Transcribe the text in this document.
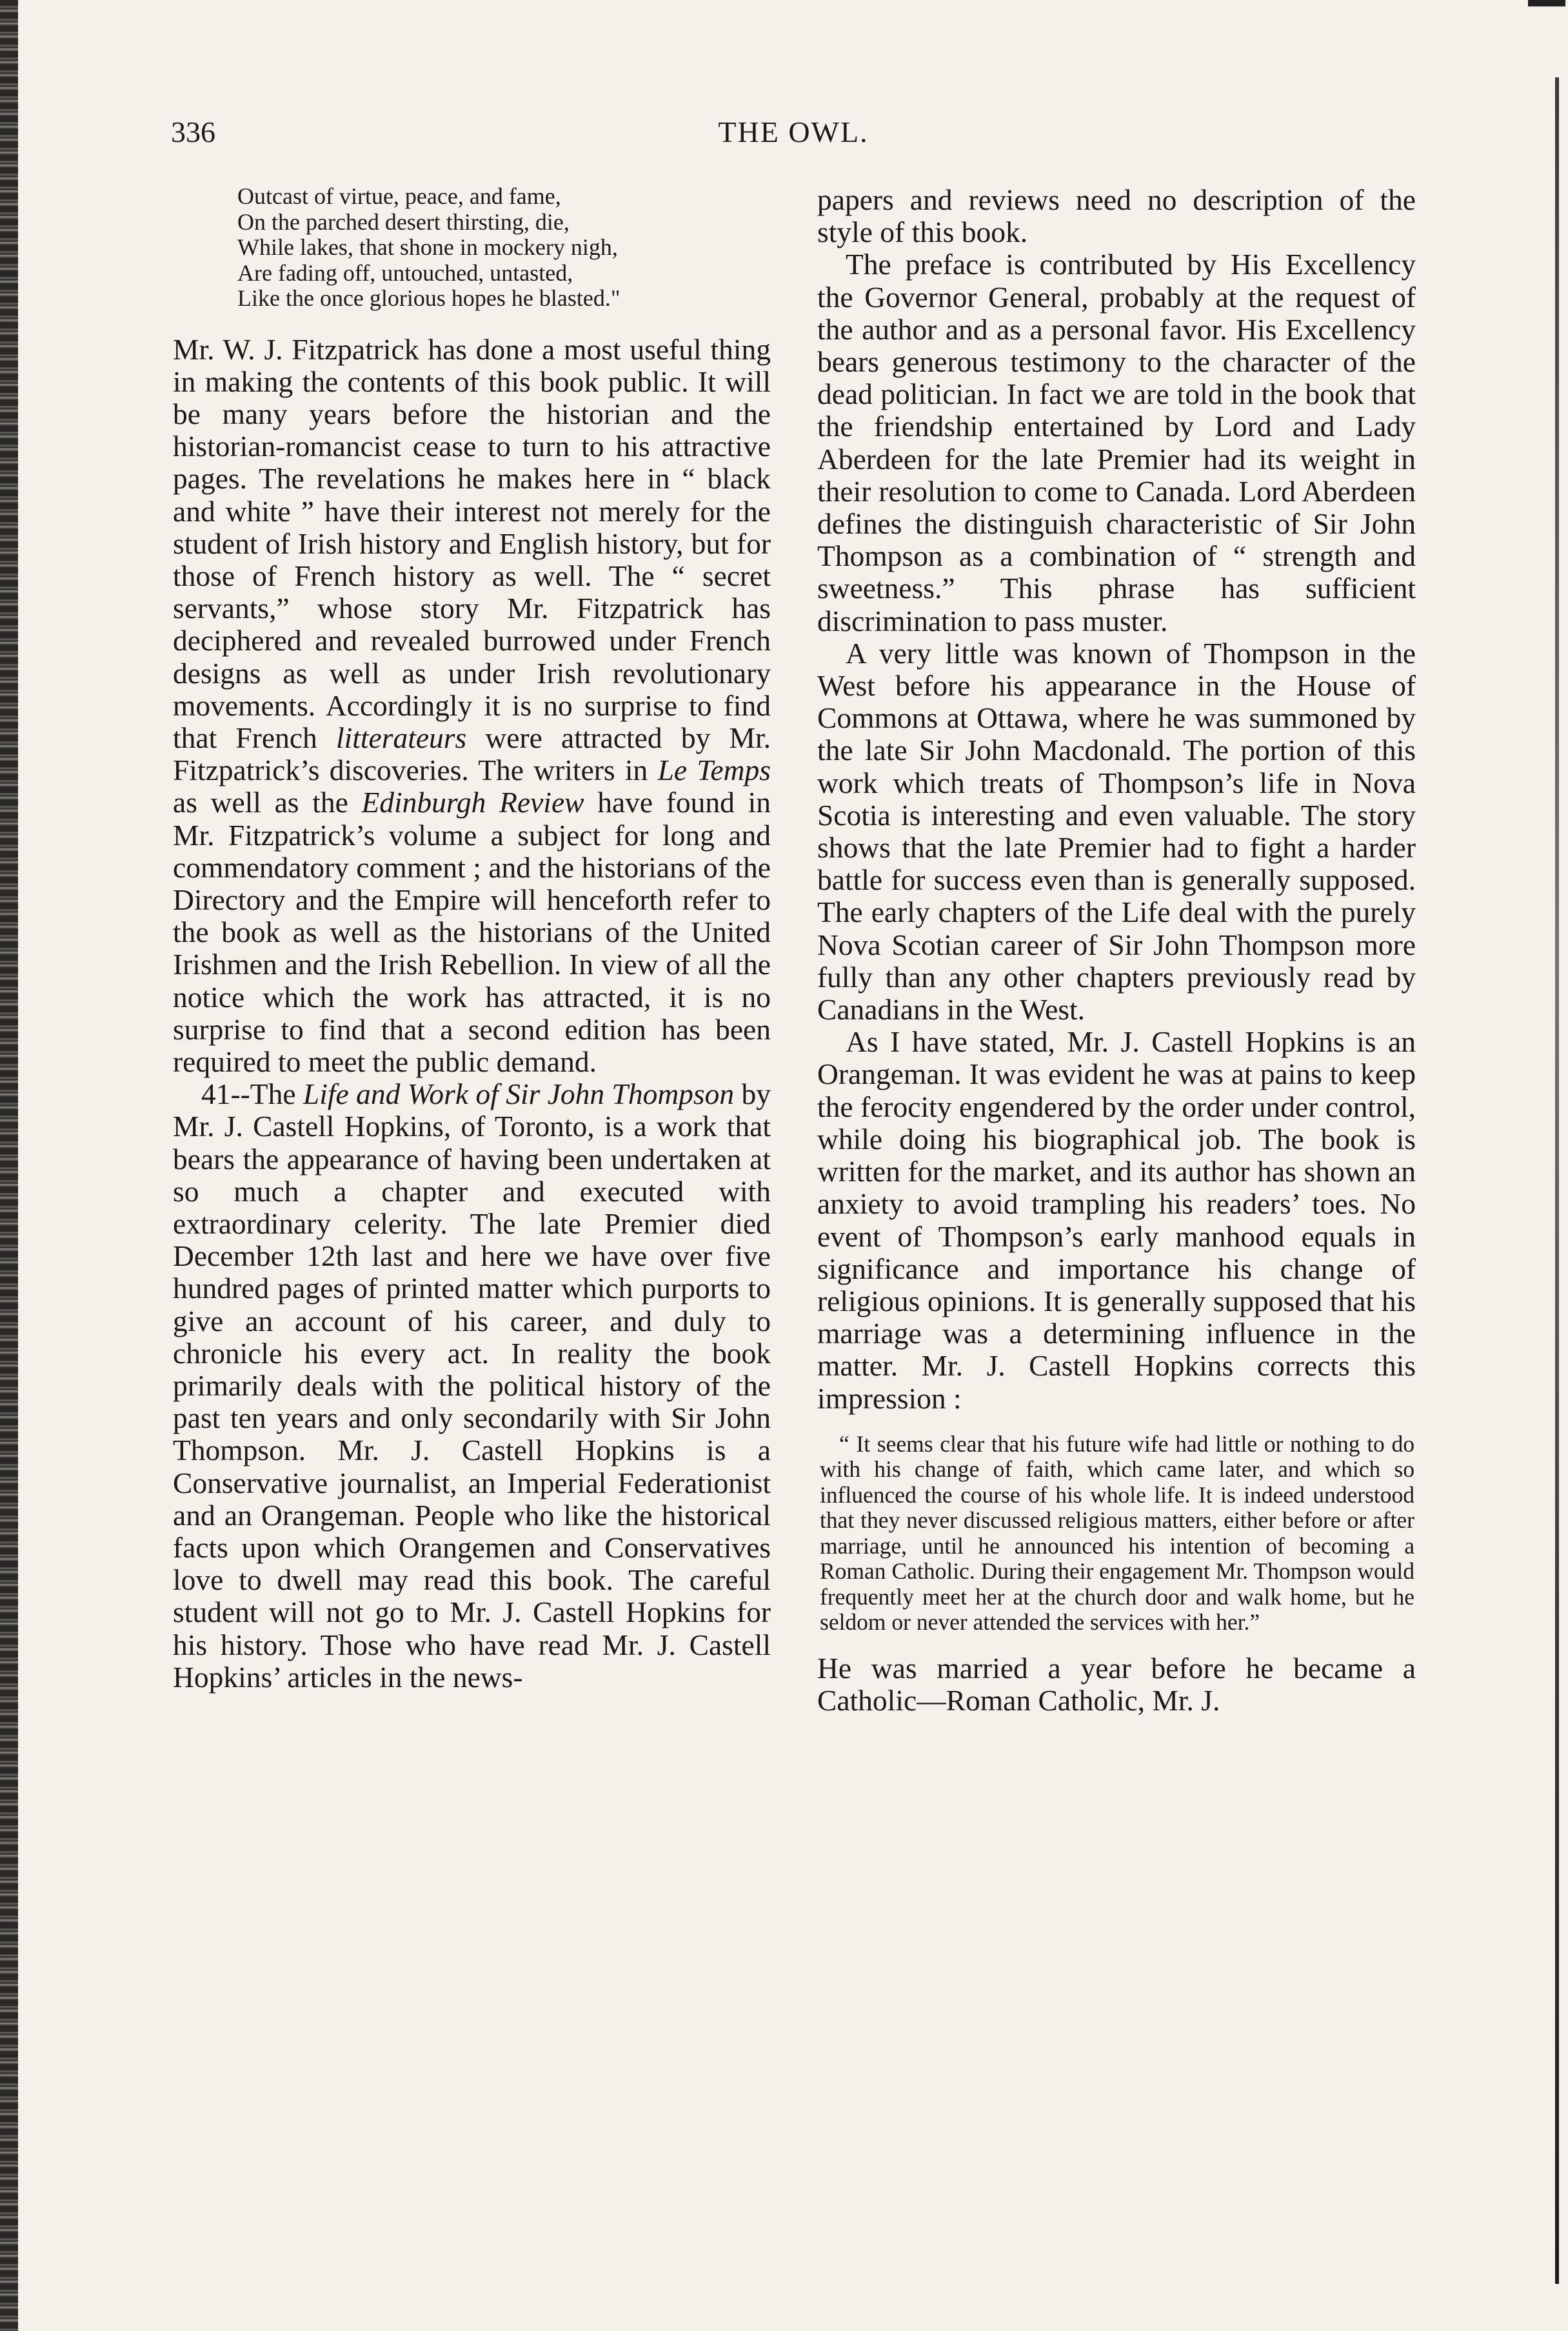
336	THE OWL.
Outcast of virtue, peace, and fame,
On the parched desert thirsting, die,
While lakes, that shone in mockery nigh,
Are fading off, untouched, untasted,
Like the once glorious hopes he blasted."

Mr. W. J. Fitzpatrick has done a most useful thing in making the contents of this book public. It will be many years before the historian and the historian-romancist cease to turn to his attractive pages. The revelations he makes here in “ black and white ” have their interest not merely for the student of Irish history and English history, but for those of French history as well. The “ secret servants,” whose story Mr. Fitzpatrick has deciphered and revealed burrowed under French designs as well as under Irish revolutionary movements. Accordingly it is no surprise to find that French litterateurs were attracted by Mr. Fitzpatrick’s discoveries. The writers in Le Temps as well as the Edinburgh Review have found in Mr. Fitzpatrick’s volume a subject for long and commendatory comment ; and the historians of the Directory and the Empire will henceforth refer to the book as well as the historians of the United Irishmen and the Irish Rebellion. In view of all the notice which the work has attracted, it is no surprise to find that a second edition has been required to meet the public demand.

41--The Life and Work of Sir John Thompson by Mr. J. Castell Hopkins, of Toronto, is a work that bears the appearance of having been undertaken at so much a chapter and executed with extraordinary celerity. The late Premier died December 12th last and here we have over five hundred pages of printed matter which purports to give an account of his career, and duly to chronicle his every act. In reality the book primarily deals with the political history of the past ten years and only secondarily with Sir John Thompson. Mr. J. Castell Hopkins is a Conservative journalist, an Imperial Federationist and an Orangeman. People who like the historical facts upon which Orangemen and Conservatives love to dwell may read this book. The careful student will not go to Mr. J. Castell Hopkins for his history. Those who have read Mr. J. Castell Hopkins’ articles in the news-

papers and reviews need no description of the style of this book.

The preface is contributed by His Excellency the Governor General, probably at the request of the author and as a personal favor. His Excellency bears generous testimony to the character of the dead politician. In fact we are told in the book that the friendship entertained by Lord and Lady Aberdeen for the late Premier had its weight in their resolution to come to Canada. Lord Aberdeen defines the distinguish characteristic of Sir John Thompson as a combination of “ strength and sweetness.” This phrase has sufficient discrimination to pass muster.

A very little was known of Thompson in the West before his appearance in the House of Commons at Ottawa, where he was summoned by the late Sir John Macdonald. The portion of this work which treats of Thompson’s life in Nova Scotia is interesting and even valuable. The story shows that the late Premier had to fight a harder battle for success even than is generally supposed. The early chapters of the Life deal with the purely Nova Scotian career of Sir John Thompson more fully than any other chapters previously read by Canadians in the West.

As I have stated, Mr. J. Castell Hopkins is an Orangeman. It was evident he was at pains to keep the ferocity engendered by the order under control, while doing his biographical job. The book is written for the market, and its author has shown an anxiety to avoid trampling his readers’ toes. No event of Thompson’s early manhood equals in significance and importance his change of religious opinions. It is generally supposed that his marriage was a determining influence in the matter. Mr. J. Castell Hopkins corrects this impression :

“ It seems clear that his future wife had little or nothing to do with his change of faith, which came later, and which so influenced the course of his whole life. It is indeed understood that they never discussed religious matters, either before or after marriage, until he announced his intention of becoming a Roman Catholic. During their engagement Mr. Thompson would frequently meet her at the church door and walk home, but he seldom or never attended the services with her.”

He was married a year before he became a Catholic—Roman Catholic, Mr. J.
